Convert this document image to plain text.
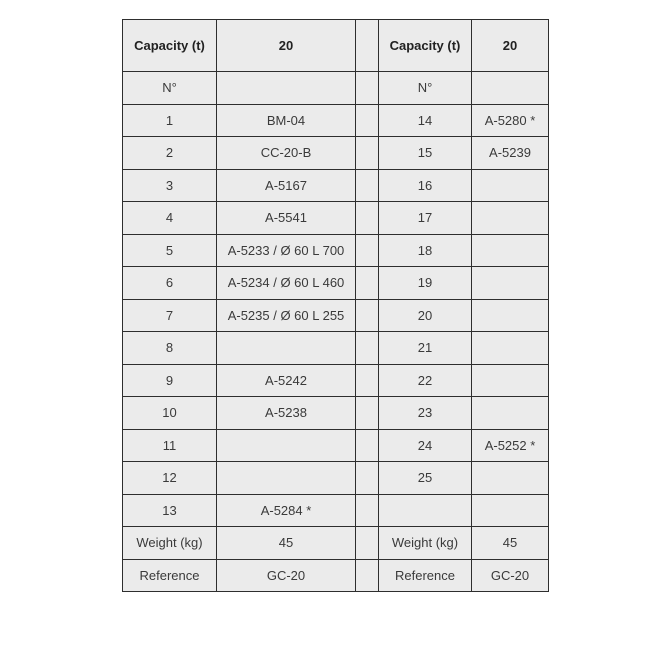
Capacity (t)	20		Capacity (t)	20
N°			N°	
1	BM-04		14	A-5280 *
2	CC-20-B		15	A-5239
3	A-5167		16	
4	A-5541		17	
5	A-5233 / Ø 60 L 700		18	
6	A-5234 / Ø 60 L 460		19	
7	A-5235 / Ø 60 L 255		20	
8			21	
9	A-5242		22	
10	A-5238		23	
11			24	A-5252 *
12			25	
13	A-5284 *			
Weight (kg)	45		Weight (kg)	45
Reference	GC-20		Reference	GC-20
